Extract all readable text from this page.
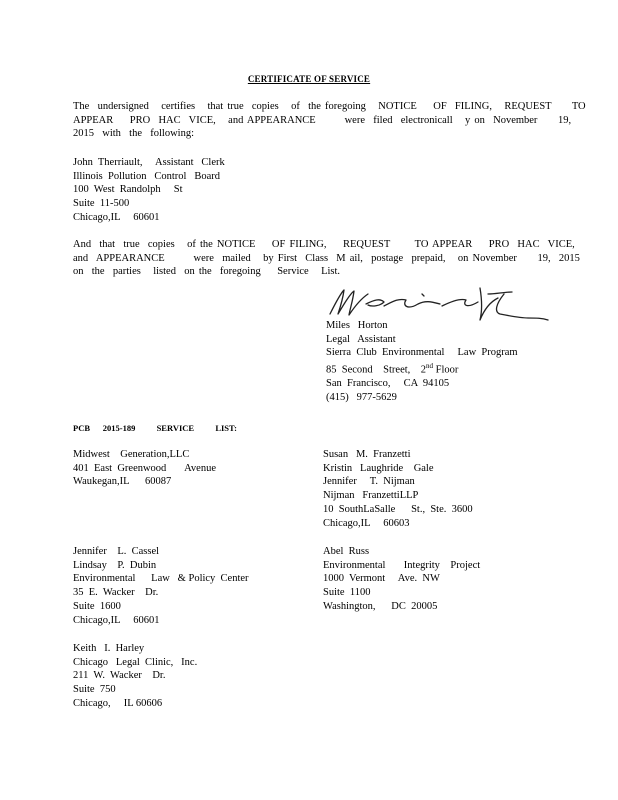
CERTIFICATE OF SERVICE
The  undersigned   certifies   that true  copies   of  the foregoing   NOTICE    OF  FILING,   REQUEST     TO
APPEAR    PRO  HAC  VICE,   and APPEARANCE       were  filed  electronicall   y on  November     19,
2015  with  the  following:
John  Therriault,     Assistant   Clerk
Illinois  Pollution   Control   Board
100  West  Randolph     St
Suite  11-500
Chicago,IL     60601
And  that  true  copies   of the NOTICE    OF FILING,    REQUEST      TO APPEAR    PRO  HAC  VICE,
and  APPEARANCE       were  mailed   by First  Class  M ail,  postage  prepaid,   on November     19,  2015
on  the  parties   listed  on the  foregoing    Service   List.
Miles   Horton
Legal   Assistant
Sierra  Club  Environmental     Law  Program
85  Second    Street,    2nd Floor
San  Francisco,     CA  94105
(415)   977-5629
PCB      2015-189          SERVICE          LIST:
Midwest    Generation,LLC
401  East  Greenwood       Avenue
Waukegan,IL      60087
Susan   M.  Franzetti
Kristin   Laughride    Gale
Jennifer     T.  Nijman
Nijman   FranzettiLLP
10  SouthLaSalle      St.,  Ste.  3600
Chicago,IL     60603
Jennifer    L.  Cassel
Lindsay    P.  Dubin
Environmental      Law   & Policy  Center
35  E.  Wacker    Dr.
Suite  1600
Chicago,IL     60601
Abel  Russ
Environmental       Integrity    Project
1000  Vermont     Ave.  NW
Suite  1100
Washington,      DC  20005
Keith   I.  Harley
Chicago   Legal  Clinic,   Inc.
211  W.  Wacker    Dr.
Suite  750
Chicago,     IL 60606
